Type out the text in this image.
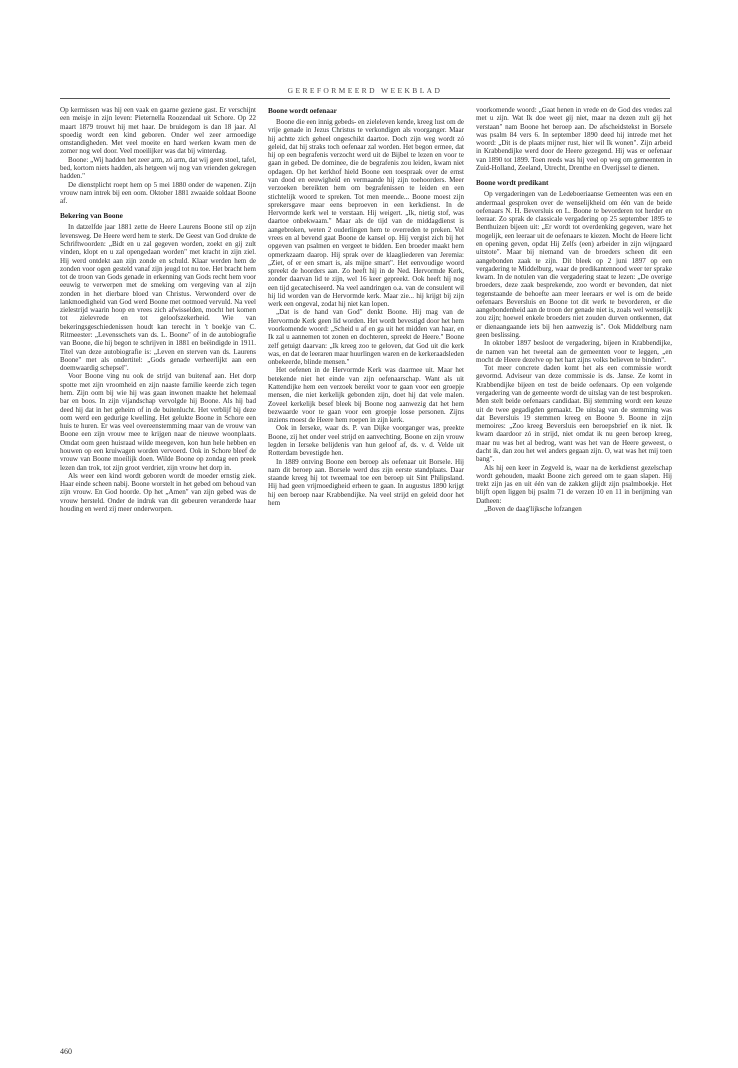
GEREFORMEERD WEEKBLAD

Op kermissen was hij een vaak en gaarne geziene gast. Er verschijnt een meisje in zijn leven: Pieternella Roozendaal uit Schore. Op 22 maart 1879 trouwt hij met haar. De bruidegom is dan 18 jaar. Al spoedig wordt een kind geboren. Onder wel zeer armoedige omstandigheden. Met veel moeite en hard werken kwam men de zomer nog wel door. Veel moeilijker was dat bij winterdag.

Boone: „Wij hadden het zeer arm, zó arm, dat wij geen stoel, tafel, bed, kortom niets hadden, als hetgeen wij nog van vrienden gekregen hadden."

De dienstplicht roept hem op 5 mei 1880 onder de wapenen. Zijn vrouw nam intrek bij een oom. Oktober 1881 zwaaide soldaat Boone af.

Bekering van Boone

In datzelfde jaar 1881 zette de Heere Laurens Boone stil op zijn levensweg. De Heere werd hem te sterk. De Geest van God drukte de Schriftwoorden: „Bidt en u zal gegeven worden, zoekt en gij zult vinden, klopt en u zal opengedaan worden" met kracht in zijn ziel. Hij werd ontdekt aan zijn zonde en schuld. Klaar werden hem de zonden voor ogen gesteld vanaf zijn jeugd tot nu toe. Het bracht hem tot de troon van Gods genade in erkenning van Gods recht hem voor eeuwig te verwerpen met de smeking om vergeving van al zijn zonden in het dierbare bloed van Christus. Verwonderd over de lankmoedigheid van God werd Boone met ootmoed vervuld. Na veel zielestrijd waarin hoop en vrees zich afwisselden, mocht het komen tot zielevrede en tot geloofszekerheid. Wie van bekeringsgeschiedenissen houdt kan terecht in 't boekje van C. Ritmeester: „Levensschets van ds. L. Boone" of in de autobiografie van Boone, die hij begon te schrijven in 1881 en beëindigde in 1911. Titel van deze autobiografie is: „Leven en sterven van ds. Laurens Boone" met als ondertitel: „Gods genade verheerlijkt aan een doemwaardig schepsel".

Voor Boone ving nu ook de strijd van buitenaf aan. Het dorp spotte met zijn vroomheid en zijn naaste familie keerde zich tegen hem. Zijn oom bij wie hij was gaan inwonen maakte het helemaal bar en boos. In zijn vijandschap vervolgde hij Boone. Als hij bad deed hij dat in het geheim of in de buitenlucht. Het verblijf bij deze oom werd een gedurige kwelling. Het gelukte Boone in Schore een huis te huren. Er was veel overeenstemming maar van de vrouw van Boone een zijn vrouw mee te krijgen naar de nieuwe woonplaats. Omdat oom geen huisraad wilde meegeven, kon hun hele hebben en houwen op een kruiwagen worden vervoerd. Ook in Schore bleef de vrouw van Boone moeilijk doen. Wilde Boone op zondag een preek lezen dan trok, tot zijn groot verdriet, zijn vrouw het dorp in.

Als weer een kind wordt geboren wordt de moeder ernstig ziek. Haar einde scheen nabij. Boone worstelt in het gebed om behoud van zijn vrouw. En God hoorde. Op het „Amen" van zijn gebed was de vrouw hersteld. Onder de indruk van dit gebeuren veranderde haar houding en werd zij meer onderworpen.

Boone wordt oefenaar

Boone die een innig gebeds- en zieleleven kende, kreeg lust om de vrije genade in Jezus Christus te verkondigen als voorganger. Maar hij achtte zich geheel ongeschikt daartoe. Doch zijn weg wordt zó geleid, dat hij straks toch oefenaar zal worden. Het begon ermee, dat hij op een begrafenis verzocht werd uit de Bijbel te lezen en voor te gaan in gebed. De dominee, die de begrafenis zou leiden, kwam niet opdagen. Op het kerkhof hield Boone een toespraak over de ernst van dood en eeuwigheid en vermaande hij zijn toehoorders. Meer verzoeken bereikten hem om begrafenissen te leiden en een stichtelijk woord te spreken. Tot men meende... Boone moest zijn sprekersgave maar eens beproeven in een kerkdienst. In de Hervormde kerk wel te verstaan. Hij weigert. „Ik, nietig stof, was daartoe onbekwaam." Maar als de tijd van de middagdienst is aangebroken, weten 2 ouderlingen hem te overreden te preken. Vol vrees en al bevend gaat Boone de kansel op. Hij vergist zich bij het opgeven van psalmen en vergeet te bidden. Een broeder maakt hem opmerkzaam daarop. Hij sprak over de klaagliederen van Jeremia: „Ziet, of er een smart is, als mijne smart". Het eenvoudige woord spreekt de hoorders aan. Zo heeft hij in de Ned. Hervormde Kerk, zonder daarvan lid te zijn, wel 16 keer gepreekt. Ook heeft hij nog een tijd gecatechiseerd. Na veel aandringen o.a. van de consulent wil hij lid worden van de Hervormde kerk. Maar zie... hij krijgt bij zijn werk een ongeval, zodat hij niet kan lopen.

„Dat is de hand van God" denkt Boone. Hij mag van de Hervormde Kerk geen lid worden. Het wordt bevestigd door het hem voorkomende woord: „Scheid u af en ga uit het midden van haar, en Ik zal u aannemen tot zonen en dochteren, spreekt de Heere." Boone zelf getuigt daarvan: „Ik kreeg zoo te geloven, dat God uit die kerk was, en dat de leeraren maar huurlingen waren en de kerkeraadsleden onbekeerde, blinde mensen."

Het oefenen in de Hervormde Kerk was daarmee uit. Maar het betekende niet het einde van zijn oefenaarschap. Want als uit Kattendijke hem een verzoek bereikt voor te gaan voor een groepje mensen, die niet kerkelijk gebonden zijn, doet hij dat vele malen. Zoveel kerkelijk besef bleek bij Boone nog aanwezig dat het hem bezwaarde voor te gaan voor een groepje losse personen. Zijns inziens moest de Heere hem roepen in zijn kerk.

Ook in Ierseke, waar ds. P. van Dijke voorganger was, preekte Boone, zij het onder veel strijd en aanvechting. Boone en zijn vrouw legden in Ierseke belijdenis van hun geloof af, ds. v. d. Velde uit Rotterdam bevestigde hen.

In 1889 ontving Boone een beroep als oefenaar uit Borsele. Hij nam dit beroep aan. Borsele werd dus zijn eerste standplaats. Daar staande kreeg hij tot tweemaal toe een beroep uit Sint Philipsland. Hij had geen vrijmoedigheid erheen te gaan. In augustus 1890 krijgt hij een beroep naar Krabbendijke. Na veel strijd en geleid door het hem

voorkomende woord: „Gaat henen in vrede en de God des vredes zal met u zijn. Wat Ik doe weet gij niet, maar na dezen zult gij het verstaan" nam Boone het beroep aan. De afscheidstekst in Borsele was psalm 84 vers 6. In september 1890 deed hij intrede met het woord: „Dit is de plaats mijner rust, hier wil Ik wonen". Zijn arbeid in Krabbendijke werd door de Heere gezegend. Hij was er oefenaar van 1890 tot 1899. Toen reeds was hij veel op weg om gemeenten in Zuid-Holland, Zeeland, Utrecht, Drenthe en Overijssel te dienen.

Boone wordt predikant

Op vergaderingen van de Ledeboeriaanse Gemeenten was een en andermaal gesproken over de wenselijkheid om één van de beide oefenaars N. H. Beversluis en L. Boone te bevorderen tot herder en leeraar. Zo sprak de classicale vergadering op 25 september 1895 te Benthuizen bijeen uit: „Er wordt tot overdenking gegeven, ware het mogelijk, een leeraar uit de oefenaars te kiezen. Mocht de Heere licht en opening geven, opdat Hij Zelfs (een) arbeider in zijn wijngaard uitstote". Maar bij niemand van de broeders scheen dit een aangebonden zaak te zijn. Dit bleek op 2 juni 1897 op een vergadering te Middelburg, waar de predikantennood weer ter sprake kwam. In de notulen van die vergadering staat te lezen: „De overige broeders, deze zaak besprekende, zoo wordt er bevonden, dat niet tegenstaande de behoefte aan meer leeraars er wel is om de beide oefenaars Beversluis en Boone tot dit werk te bevorderen, er die aangebondenheid aan de troon der genade niet is, zoals wel wenselijk zou zijn; hoewel enkele broeders niet zouden durven ontkennen, dat er dienaangaande iets bij hen aanwezig is". Ook Middelburg nam geen beslissing.

In oktober 1897 besloot de vergadering, bijeen in Krabbendijke, de namen van het tweetal aan de gemeenten voor te leggen, „en mocht de Heere dezelve op het hart zijns volks believen te binden".

Tot meer concrete daden komt het als een commissie wordt gevormd. Adviseur van deze commissie is ds. Janse. Ze komt in Krabbendijke bijeen en test de beide oefenaars. Op een volgende vergadering van de gemeente wordt de uitslag van de test besproken. Men stelt beide oefenaars candidaat. Bij stemming wordt een keuze uit de twee gegadigden gemaakt. De uitslag van de stemming was dat Beversluis 19 stemmen kreeg en Boone 9. Boone in zijn memoires: „Zoo kreeg Beversluis een beroepsbrief en ik niet. Ik kwam daardoor zó in strijd, niet omdat ik nu geen beroep kreeg, maar nu was het al bedrog, want was het van de Heere geweest, o dacht ik, dan zou het wel anders gegaan zijn. O, wat was het mij toen bang".

Als hij een keer in Zegveld is, waar na de kerkdienst gezelschap wordt gehouden, maakt Boone zich gereed om te gaan slapen. Hij trekt zijn jas en uit één van de zakken glijdt zijn psalmboekje. Het blijft open liggen bij psalm 71 de verzen 10 en 11 in berijming van Datheen:

„Boven de daag'lijksche lofzangen

460
